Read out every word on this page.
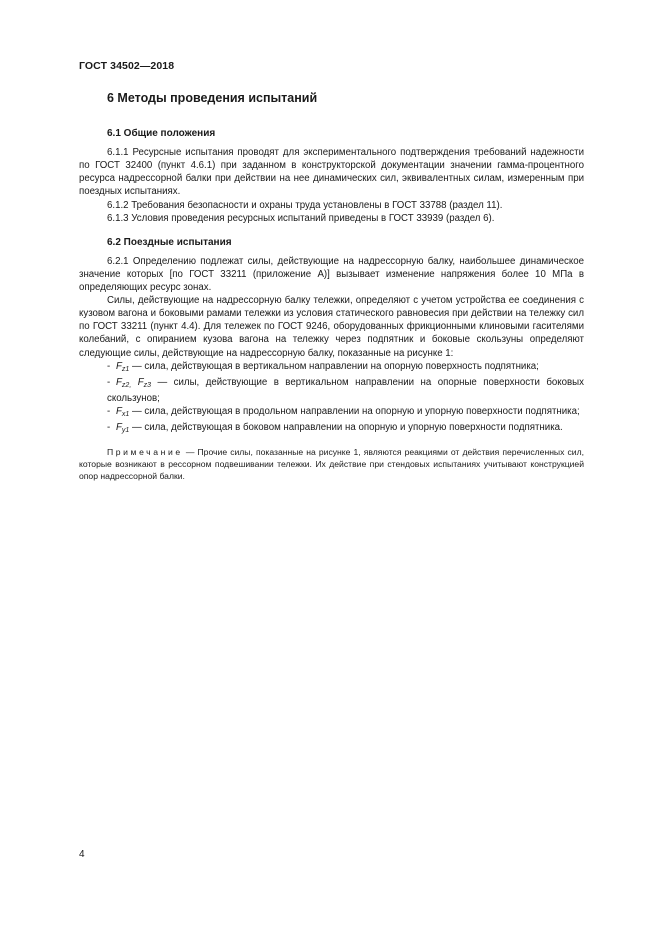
ГОСТ 34502—2018
6 Методы проведения испытаний
6.1 Общие положения

6.1.1 Ресурсные испытания проводят для экспериментального подтверждения требований надежности по ГОСТ 32400 (пункт 4.6.1) при заданном в конструкторской документации значении гамма-процентного ресурса надрессорной балки при действии на нее динамических сил, эквивалентных силам, измеренным при поездных испытаниях.

6.1.2 Требования безопасности и охраны труда установлены в ГОСТ 33788 (раздел 11).

6.1.3 Условия проведения ресурсных испытаний приведены в ГОСТ 33939 (раздел 6).

6.2 Поездные испытания

6.2.1 Определению подлежат силы, действующие на надрессорную балку, наибольшее динамическое значение которых [по ГОСТ 33211 (приложение А)] вызывает изменение напряжения более 10 МПа в определяющих ресурс зонах.

Силы, действующие на надрессорную балку тележки, определяют с учетом устройства ее соединения с кузовом вагона и боковыми рамами тележки из условия статического равновесия при действии на тележку сил по ГОСТ 33211 (пункт 4.4). Для тележек по ГОСТ 9246, оборудованных фрикционными клиновыми гасителями колебаний, с опиранием кузова вагона на тележку через подпятник и боковые скользуны определяют следующие силы, действующие на надрессорную балку, показанные на рисунке 1:

- $F_{z1}$ — сила, действующая в вертикальном направлении на опорную поверхность подпятника;

- $F_{z2,}$ $F_{z3}$ — силы, действующие в вертикальном направлении на опорные поверхности боковых скользунов;

- $F_{x1}$ — сила, действующая в продольном направлении на опорную и упорную поверхности подпятника;

- $F_{y1}$ — сила, действующая в боковом направлении на опорную и упорную поверхности подпятника.

Примечание — Прочие силы, показанные на рисунке 1, являются реакциями от действия перечисленных сил, которые возникают в рессорном подвешивании тележки. Их действие при стендовых испытаниях учитывают конструкцией опор надрессорной балки.
4
